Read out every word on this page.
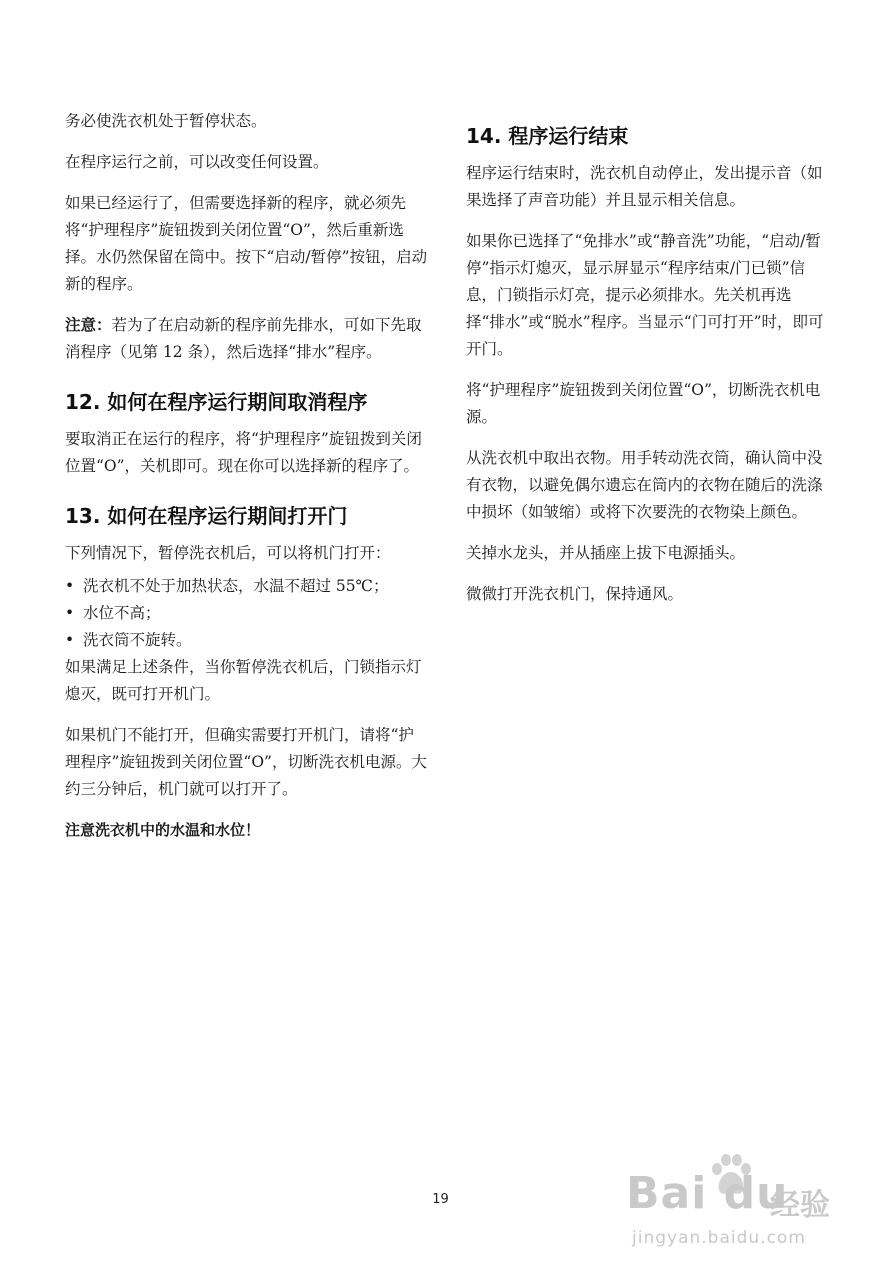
务必使洗衣机处于暂停状态。

在程序运行之前，可以改变任何设置。

如果已经运行了，但需要选择新的程序，就必须先将“护理程序”旋钮拨到关闭位置“O”，然后重新选择。水仍然保留在筒中。按下“启动/暂停”按钮，启动新的程序。

注意：若为了在启动新的程序前先排水，可如下先取消程序（见第 12 条），然后选择“排水”程序。

12. 如何在程序运行期间取消程序

要取消正在运行的程序，将“护理程序”旋钮拨到关闭位置“O”，关机即可。现在你可以选择新的程序了。

13. 如何在程序运行期间打开门

下列情况下，暂停洗衣机后，可以将机门打开：

• 洗衣机不处于加热状态，水温不超过 55℃；
• 水位不高；
• 洗衣筒不旋转。

如果满足上述条件，当你暂停洗衣机后，门锁指示灯熄灭，既可打开机门。

如果机门不能打开，但确实需要打开机门，请将“护理程序”旋钮拨到关闭位置“O”，切断洗衣机电源。大约三分钟后，机门就可以打开了。

注意洗衣机中的水温和水位！

14. 程序运行结束

程序运行结束时，洗衣机自动停止，发出提示音（如果选择了声音功能）并且显示相关信息。

如果你已选择了“免排水”或“静音洗”功能，“启动/暂停”指示灯熄灭，显示屏显示“程序结束/门已锁”信息，门锁指示灯亮，提示必须排水。先关机再选择“排水”或“脱水”程序。当显示“门可打开”时，即可开门。

将“护理程序”旋钮拨到关闭位置“O”，切断洗衣机电源。

从洗衣机中取出衣物。用手转动洗衣筒，确认筒中没有衣物，以避免偶尔遗忘在筒内的衣物在随后的洗涤中损坏（如皱缩）或将下次要洗的衣物染上颜色。

关掉水龙头，并从插座上拔下电源插头。

微微打开洗衣机门，保持通风。

19	Bai du
经验
jingyan.baidu.com
